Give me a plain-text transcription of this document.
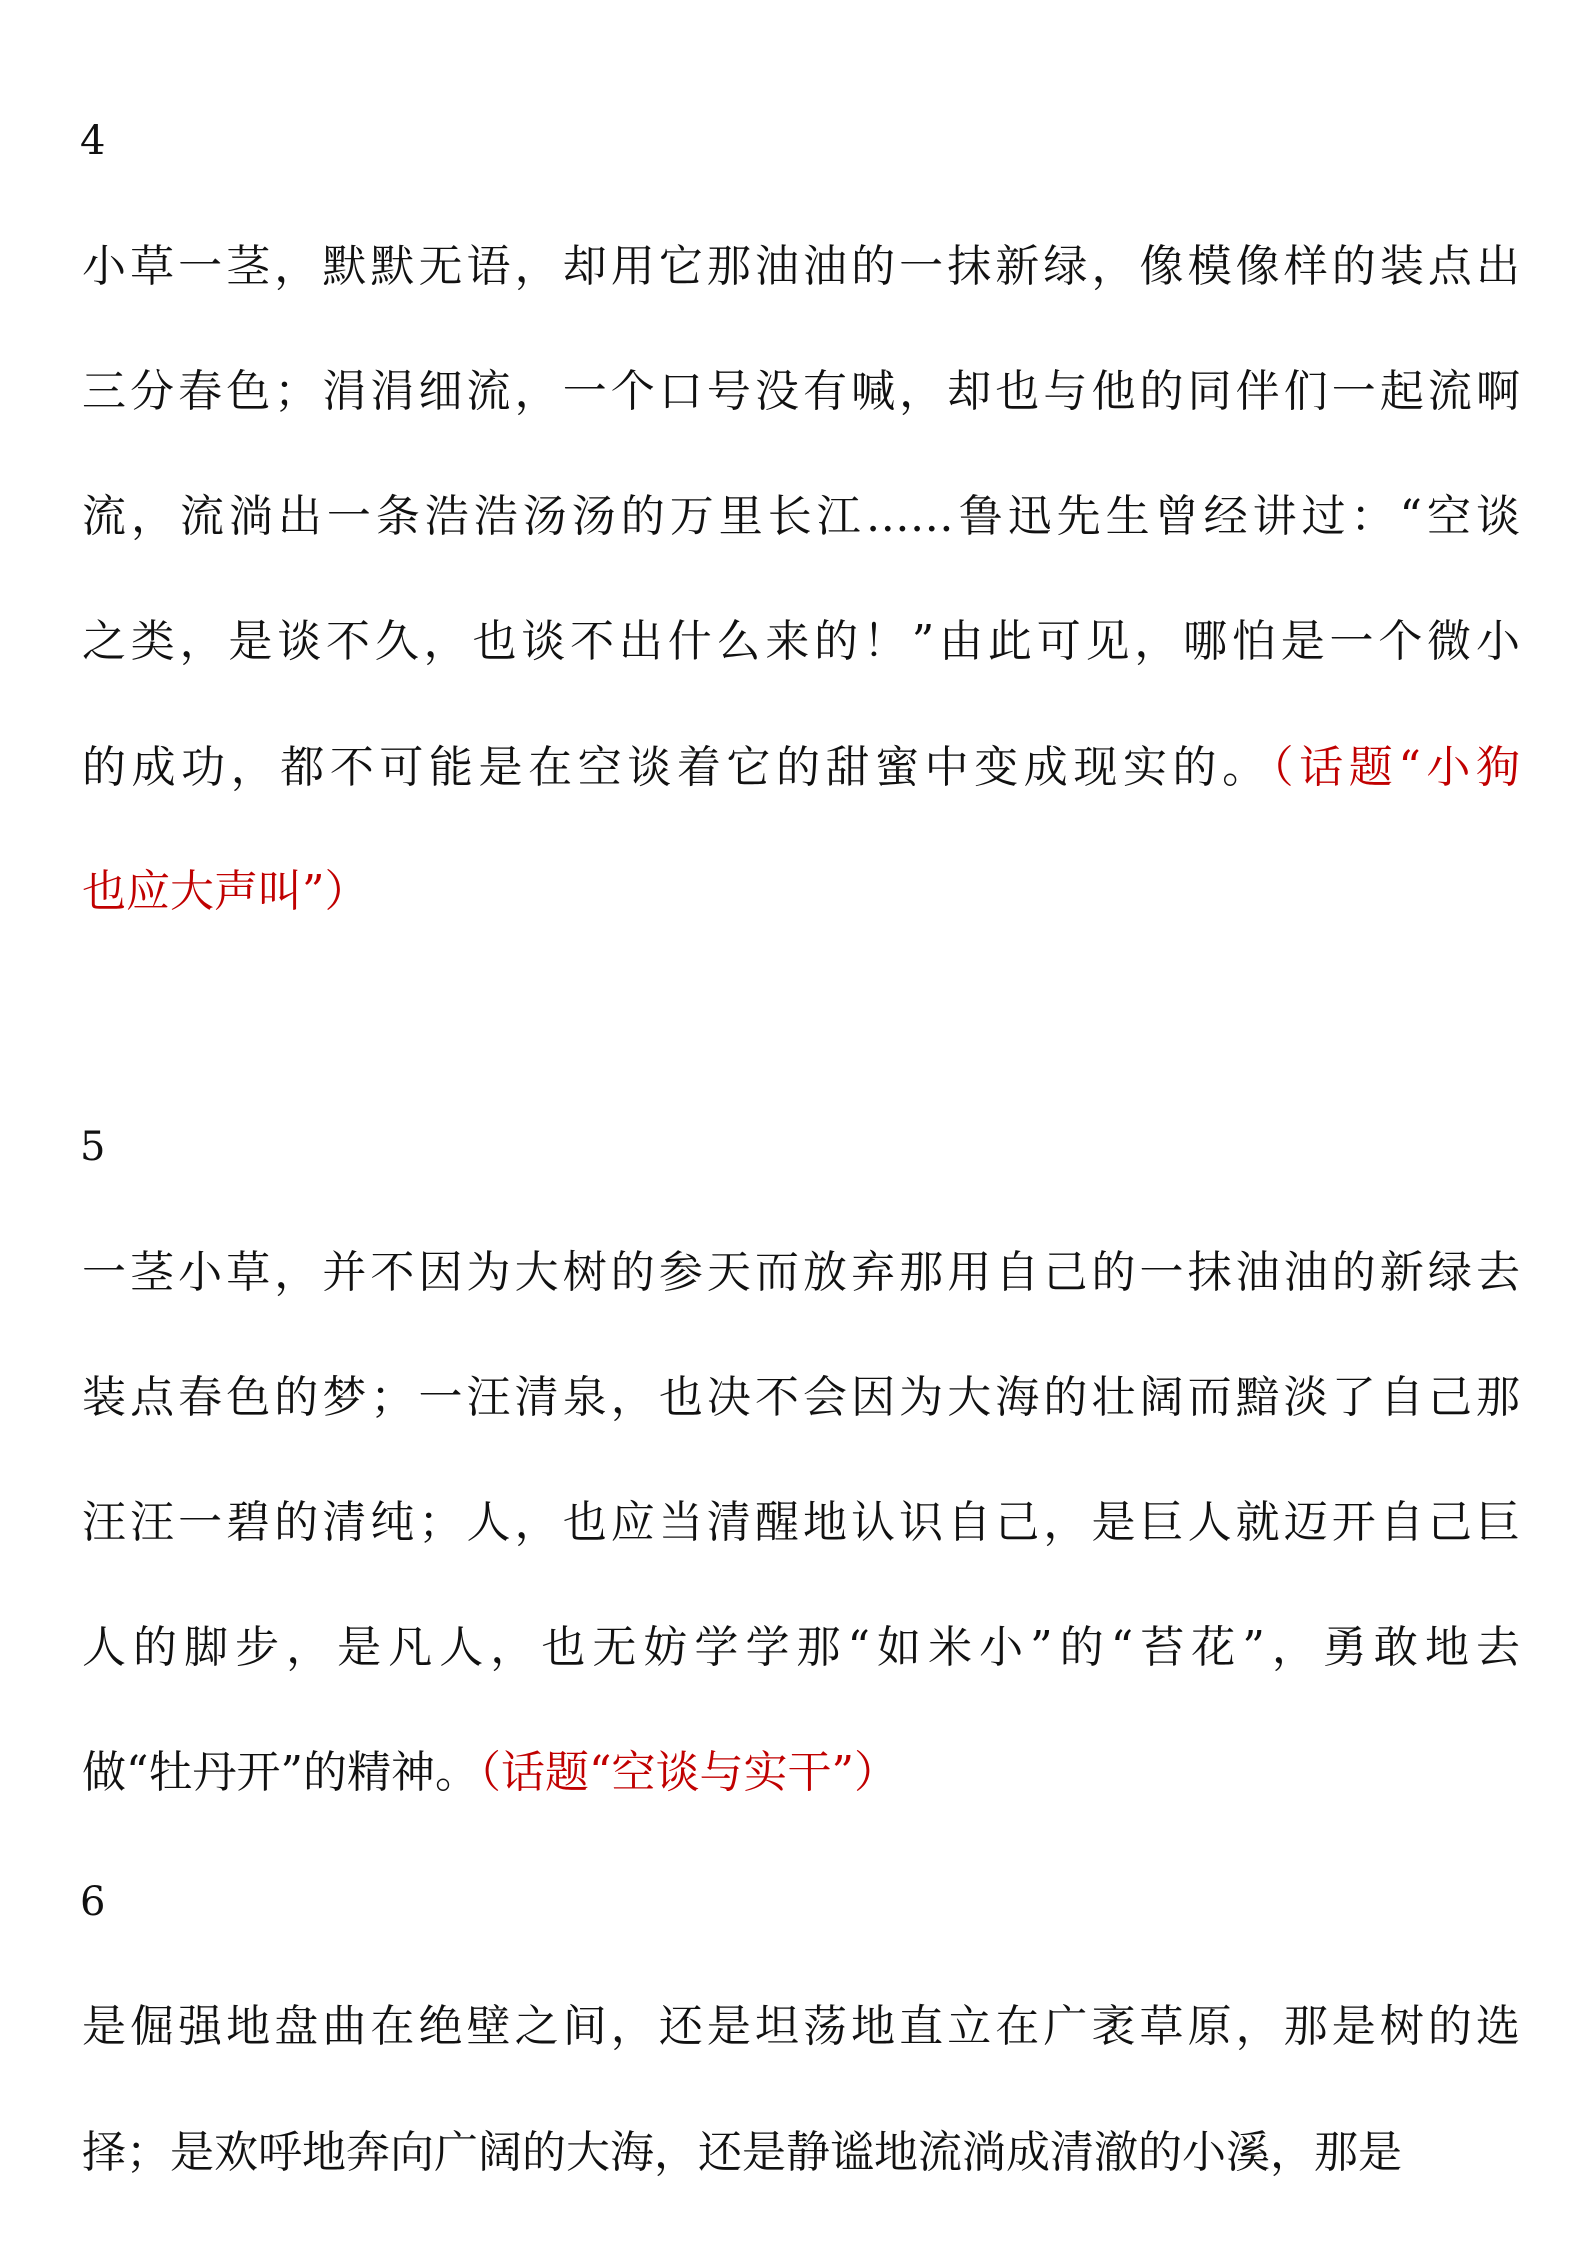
4
小草一茎，默默无语，却用它那油油的一抹新绿，像模像样的装点出
三分春色；涓涓细流，一个口号没有喊，却也与他的同伴们一起流啊
流，流淌出一条浩浩汤汤的万里长江……鲁迅先生曾经讲过：“空谈
之类，是谈不久，也谈不出什么来的！”由此可见，哪怕是一个微小
的成功，都不可能是在空谈着它的甜蜜中变成现实的。（话题“小狗
也应大声叫”）
5
一茎小草，并不因为大树的参天而放弃那用自己的一抹油油的新绿去
装点春色的梦；一汪清泉，也决不会因为大海的壮阔而黯淡了自己那
汪汪一碧的清纯；人，也应当清醒地认识自己，是巨人就迈开自己巨
人的脚步，是凡人，也无妨学学那“如米小”的“苔花”，勇敢地去
做“牡丹开”的精神。（话题“空谈与实干”）
6
是倔强地盘曲在绝壁之间，还是坦荡地直立在广袤草原，那是树的选
择；是欢呼地奔向广阔的大海，还是静谧地流淌成清澈的小溪，那是
